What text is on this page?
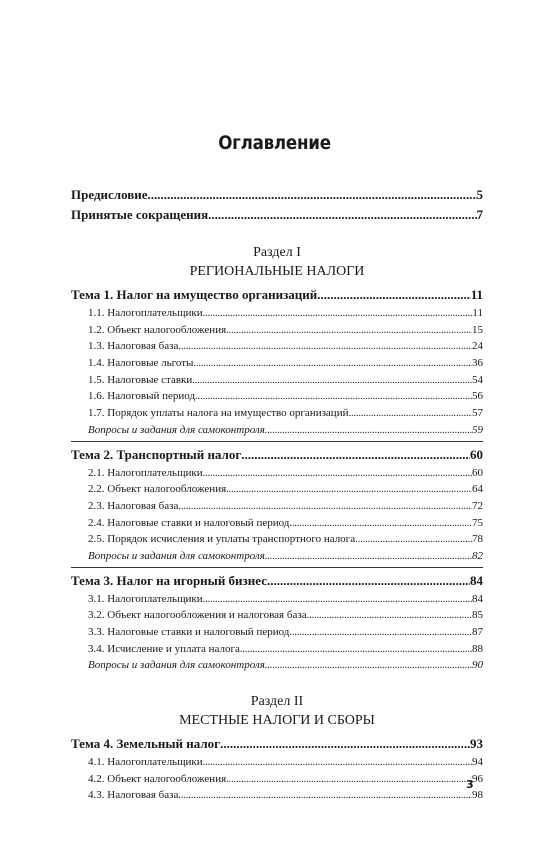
Оглавление
Предисловие .....	5
Принятые сокращения .....	7
Раздел I
РЕГИОНАЛЬНЫЕ НАЛОГИ
Тема 1. Налог на имущество организаций .....	11
1.1. Налогоплательщики .....	11
1.2. Объект налогообложения .....	15
1.3. Налоговая база .....	24
1.4. Налоговые льготы .....	36
1.5. Налоговые ставки .....	54
1.6. Налоговый период .....	56
1.7. Порядок уплаты налога на имущество организаций .....	57
Вопросы и задания для самоконтроля .....	59
Тема 2. Транспортный налог .....	60
2.1. Налогоплательщики .....	60
2.2. Объект налогообложения .....	64
2.3. Налоговая база .....	72
2.4. Налоговые ставки и налоговый период .....	75
2.5. Порядок исчисления и уплаты транспортного налога .....	78
Вопросы и задания для самоконтроля .....	82
Тема 3. Налог на игорный бизнес .....	84
3.1. Налогоплательщики .....	84
3.2. Объект налогообложения и налоговая база .....	85
3.3. Налоговые ставки и налоговый период .....	87
3.4. Исчисление и уплата налога .....	88
Вопросы и задания для самоконтроля .....	90
Раздел II
МЕСТНЫЕ НАЛОГИ И СБОРЫ
Тема 4. Земельный налог .....	93
4.1. Налогоплательщики .....	94
4.2. Объект налогообложения .....	96
4.3. Налоговая база .....	98
3
